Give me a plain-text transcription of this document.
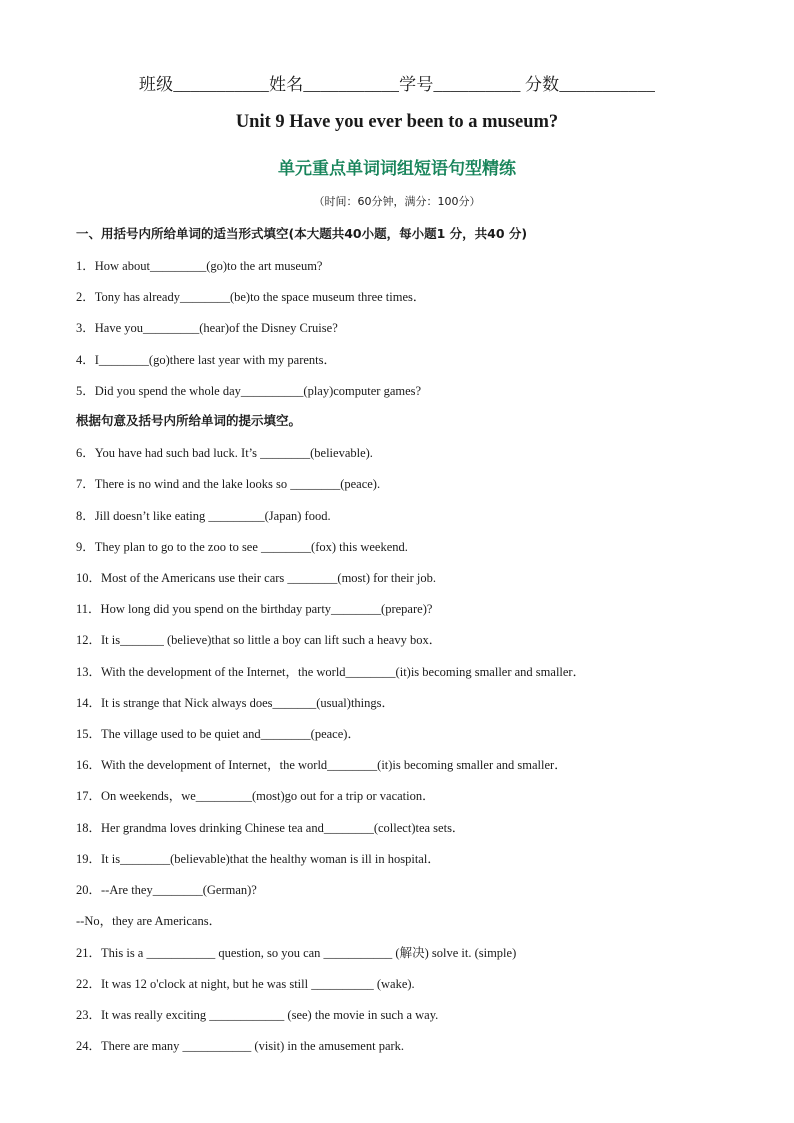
班级___________姓名___________学号__________ 分数___________
Unit 9 Have you ever been to a museum?
单元重点单词词组短语句型精练
（时间：60分钟，满分：100分）
一、用括号内所给单词的适当形式填空(本大题共40小题，每小题1 分，共40 分)
1．How about_________(go)to the art museum?
2．Tony has already________(be)to the space museum three times．
3．Have you_________(hear)of the Disney Cruise?
4．I________(go)there last year with my parents．
5．Did you spend the whole day__________(play)computer games?
根据句意及括号内所给单词的提示填空。
6．You have had such bad luck. It’s ________(believable).
7．There is no wind and the lake looks so ________(peace).
8．Jill doesn’t like eating _________(Japan) food.
9．They plan to go to the zoo to see ________(fox) this weekend.
10．Most of the Americans use their cars ________(most) for their job.
11．How long did you spend on the birthday party________(prepare)?
12．It is_______ (believe)that so little a boy can lift such a heavy box．
13．With the development of the Internet，the world________(it)is becoming smaller and smaller．
14．It is strange that Nick always does_______(usual)things．
15．The village used to be quiet and________(peace)．
16．With the development of Internet，the world________(it)is becoming smaller and smaller．
17．On weekends，we_________(most)go out for a trip or vacation．
18．Her grandma loves drinking Chinese tea and________(collect)tea sets．
19．It is________(believable)that the healthy woman is ill in hospital．
20．--Are they________(German)?
--No，they are Americans．
21．This is a ___________ question, so you can ___________ (解决) solve it. (simple)
22．It was 12 o'clock at night, but he was still __________ (wake).
23．It was really exciting ____________ (see) the movie in such a way.
24．There are many ___________ (visit) in the amusement park.
